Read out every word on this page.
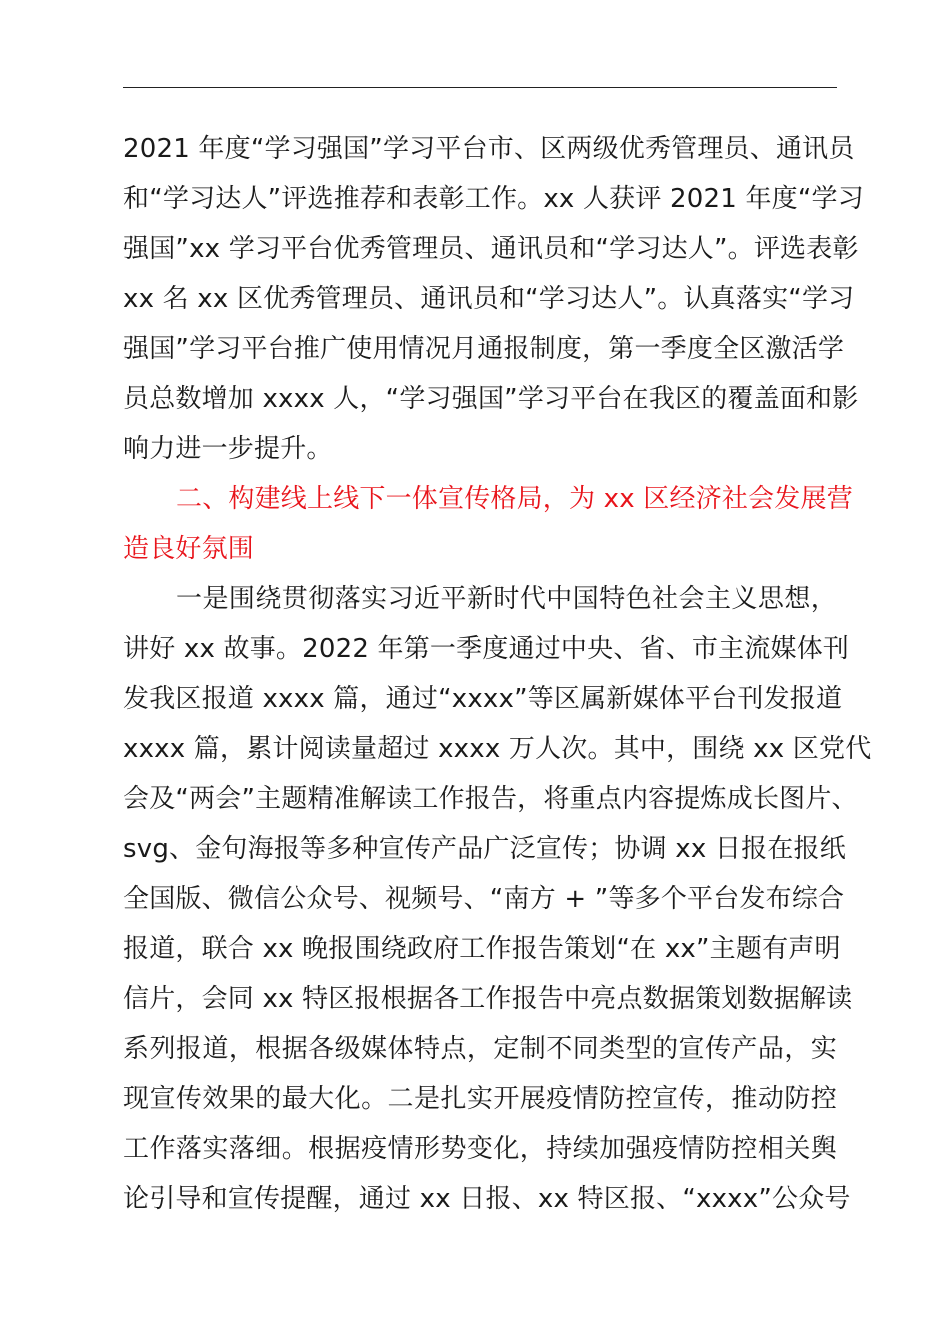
2021 年度“学习强国”学习平台市、区两级优秀管理员、通讯员
和“学习达人”评选推荐和表彰工作。xx 人获评 2021 年度“学习
强国”xx 学习平台优秀管理员、通讯员和“学习达人”。评选表彰
xx 名 xx 区优秀管理员、通讯员和“学习达人”。认真落实“学习
强国”学习平台推广使用情况月通报制度，第一季度全区激活学
员总数增加 xxxx 人，“学习强国”学习平台在我区的覆盖面和影
响力进一步提升。
二、构建线上线下一体宣传格局，为 xx 区经济社会发展营
造良好氛围
一是围绕贯彻落实习近平新时代中国特色社会主义思想，
讲好 xx 故事。2022 年第一季度通过中央、省、市主流媒体刊
发我区报道 xxxx 篇，通过“xxxx”等区属新媒体平台刊发报道
xxxx 篇，累计阅读量超过 xxxx 万人次。其中，围绕 xx 区党代
会及“两会”主题精准解读工作报告，将重点内容提炼成长图片、
svg、金句海报等多种宣传产品广泛宣传；协调 xx 日报在报纸
全国版、微信公众号、视频号、“南方 + ”等多个平台发布综合
报道，联合 xx 晚报围绕政府工作报告策划“在 xx”主题有声明
信片，会同 xx 特区报根据各工作报告中亮点数据策划数据解读
系列报道，根据各级媒体特点，定制不同类型的宣传产品，实
现宣传效果的最大化。二是扎实开展疫情防控宣传，推动防控
工作落实落细。根据疫情形势变化，持续加强疫情防控相关舆
论引导和宣传提醒，通过 xx 日报、xx 特区报、“xxxx”公众号
